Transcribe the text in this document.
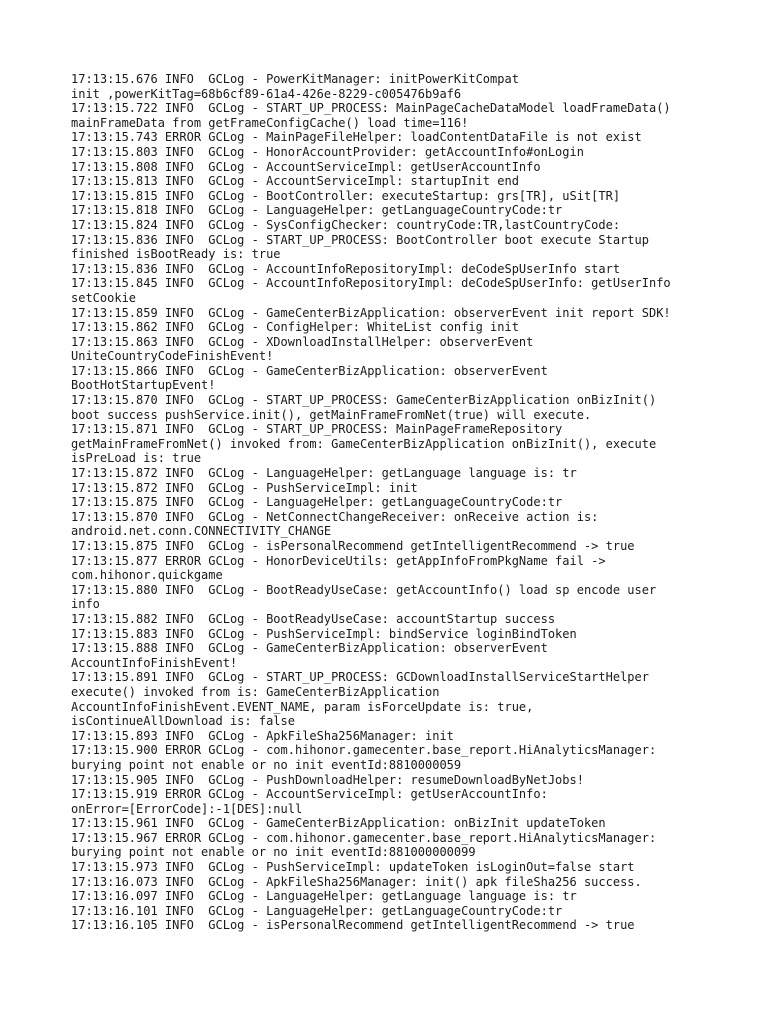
17:13:15.676 INFO  GCLog - PowerKitManager: initPowerKitCompat
init ,powerKitTag=68b6cf89-61a4-426e-8229-c005476b9af6
17:13:15.722 INFO  GCLog - START_UP_PROCESS: MainPageCacheDataModel loadFrameData()
mainFrameData from getFrameConfigCache() load time=116!
17:13:15.743 ERROR GCLog - MainPageFileHelper: loadContentDataFile is not exist
17:13:15.803 INFO  GCLog - HonorAccountProvider: getAccountInfo#onLogin
17:13:15.808 INFO  GCLog - AccountServiceImpl: getUserAccountInfo
17:13:15.813 INFO  GCLog - AccountServiceImpl: startupInit end
17:13:15.815 INFO  GCLog - BootController: executeStartup: grs[TR], uSit[TR]
17:13:15.818 INFO  GCLog - LanguageHelper: getLanguageCountryCode:tr
17:13:15.824 INFO  GCLog - SysConfigChecker: countryCode:TR,lastCountryCode:
17:13:15.836 INFO  GCLog - START_UP_PROCESS: BootController boot execute Startup
finished isBootReady is: true
17:13:15.836 INFO  GCLog - AccountInfoRepositoryImpl: deCodeSpUserInfo start
17:13:15.845 INFO  GCLog - AccountInfoRepositoryImpl: deCodeSpUserInfo: getUserInfo
setCookie
17:13:15.859 INFO  GCLog - GameCenterBizApplication: observerEvent init report SDK!
17:13:15.862 INFO  GCLog - ConfigHelper: WhiteList config init
17:13:15.863 INFO  GCLog - XDownloadInstallHelper: observerEvent
UniteCountryCodeFinishEvent!
17:13:15.866 INFO  GCLog - GameCenterBizApplication: observerEvent
BootHotStartupEvent!
17:13:15.870 INFO  GCLog - START_UP_PROCESS: GameCenterBizApplication onBizInit()
boot success pushService.init(), getMainFrameFromNet(true) will execute.
17:13:15.871 INFO  GCLog - START_UP_PROCESS: MainPageFrameRepository
getMainFrameFromNet() invoked from: GameCenterBizApplication onBizInit(), execute
isPreLoad is: true
17:13:15.872 INFO  GCLog - LanguageHelper: getLanguage language is: tr
17:13:15.872 INFO  GCLog - PushServiceImpl: init
17:13:15.875 INFO  GCLog - LanguageHelper: getLanguageCountryCode:tr
17:13:15.870 INFO  GCLog - NetConnectChangeReceiver: onReceive action is:
android.net.conn.CONNECTIVITY_CHANGE
17:13:15.875 INFO  GCLog - isPersonalRecommend getIntelligentRecommend -> true
17:13:15.877 ERROR GCLog - HonorDeviceUtils: getAppInfoFromPkgName fail ->
com.hihonor.quickgame
17:13:15.880 INFO  GCLog - BootReadyUseCase: getAccountInfo() load sp encode user
info
17:13:15.882 INFO  GCLog - BootReadyUseCase: accountStartup success
17:13:15.883 INFO  GCLog - PushServiceImpl: bindService loginBindToken
17:13:15.888 INFO  GCLog - GameCenterBizApplication: observerEvent
AccountInfoFinishEvent!
17:13:15.891 INFO  GCLog - START_UP_PROCESS: GCDownloadInstallServiceStartHelper
execute() invoked from is: GameCenterBizApplication
AccountInfoFinishEvent.EVENT_NAME, param isForceUpdate is: true,
isContinueAllDownload is: false
17:13:15.893 INFO  GCLog - ApkFileSha256Manager: init
17:13:15.900 ERROR GCLog - com.hihonor.gamecenter.base_report.HiAnalyticsManager:
burying point not enable or no init eventId:8810000059
17:13:15.905 INFO  GCLog - PushDownloadHelper: resumeDownloadByNetJobs!
17:13:15.919 ERROR GCLog - AccountServiceImpl: getUserAccountInfo:
onError=[ErrorCode]:-1[DES]:null
17:13:15.961 INFO  GCLog - GameCenterBizApplication: onBizInit updateToken
17:13:15.967 ERROR GCLog - com.hihonor.gamecenter.base_report.HiAnalyticsManager:
burying point not enable or no init eventId:881000000099
17:13:15.973 INFO  GCLog - PushServiceImpl: updateToken isLoginOut=false start
17:13:16.073 INFO  GCLog - ApkFileSha256Manager: init() apk fileSha256 success.
17:13:16.097 INFO  GCLog - LanguageHelper: getLanguage language is: tr
17:13:16.101 INFO  GCLog - LanguageHelper: getLanguageCountryCode:tr
17:13:16.105 INFO  GCLog - isPersonalRecommend getIntelligentRecommend -> true
